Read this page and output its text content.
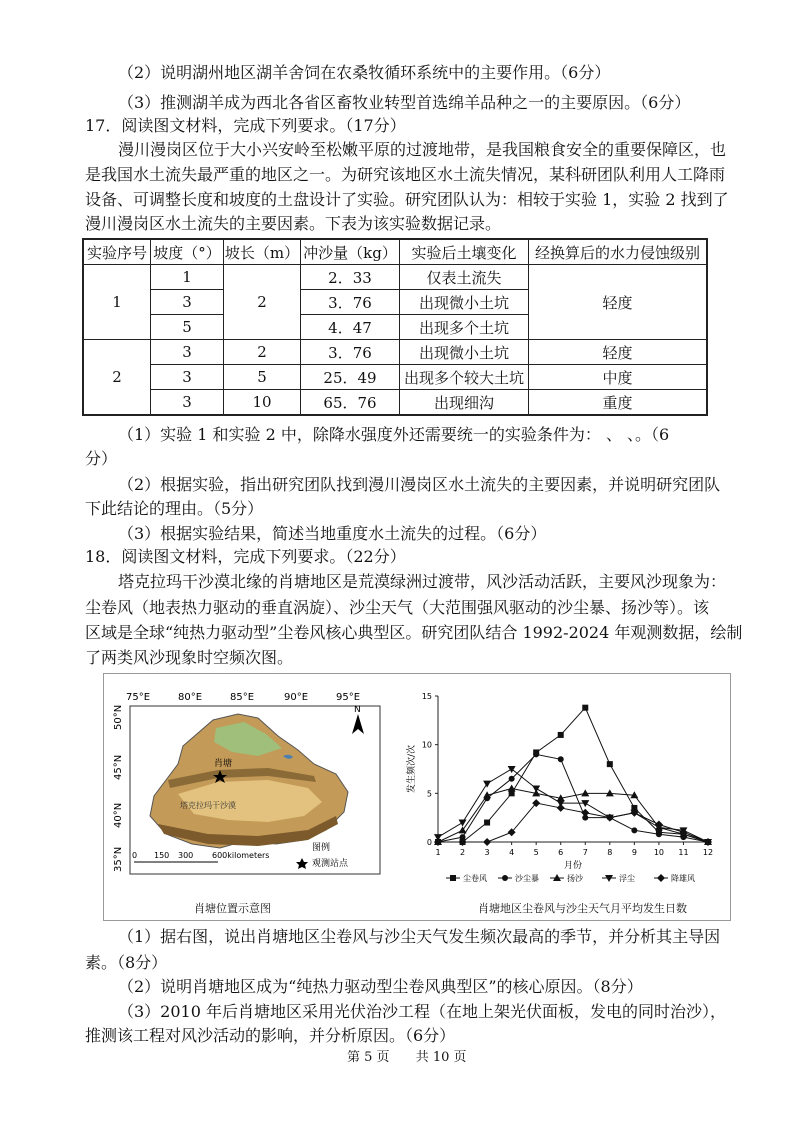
（2）说明湖州地区湖羊舍饲在农桑牧循环系统中的主要作用。（6分）
（3）推测湖羊成为西北各省区畜牧业转型首选绵羊品种之一的主要原因。（6分）
17．阅读图文材料，完成下列要求。（17分）
漫川漫岗区位于大小兴安岭至松嫩平原的过渡地带，是我国粮食安全的重要保障区，也
是我国水土流失最严重的地区之一。为研究该地区水土流失情况，某科研团队利用人工降雨
设备、可调整长度和坡度的土盘设计了实验。研究团队认为：相较于实验 1，实验 2 找到了
漫川漫岗区水土流失的主要因素。下表为该实验数据记录。
实验序号	坡度（°）	坡长（m）	冲沙量（kg）	实验后土壤变化	经换算后的水力侵蚀级别
1	1	2	2．33	仅表土流失	轻度
	3		3．76	出现微小土坑	
	5		4．47	出现多个土坑	
2	3	2	3．76	出现微小土坑	轻度
	3	5	25．49	出现多个较大土坑	中度
	3	10	65．76	出现细沟	重度
（1）实验 1 和实验 2 中，除降水强度外还需要统一的实验条件为： 、 、。（6
分）
（2）根据实验，指出研究团队找到漫川漫岗区水土流失的主要因素，并说明研究团队
下此结论的理由。（5分）
（3）根据实验结果，简述当地重度水土流失的过程。（6分）
18．阅读图文材料，完成下列要求。（22分）
塔克拉玛干沙漠北缘的肖塘地区是荒漠绿洲过渡带，风沙活动活跃，主要风沙现象为：
尘卷风（地表热力驱动的垂直涡旋）、沙尘天气（大范围强风驱动的沙尘暴、扬沙等）。该
区域是全球“纯热力驱动型”尘卷风核心典型区。研究团队结合 1992-2024 年观测数据，绘制
了两类风沙现象时空频次图。
N
75°E	80°E	85°E	90°E	95°E
50°N
45°N
40°N
35°N
肖塘
塔克拉玛干沙漠
0 150 300 600kilometers
图例
观测站点
肖塘位置示意图
0
5
10
15
1 2 3 4 5 6 7 8 9 10 11 12
月份
发生频次/次
尘卷风	沙尘暴	扬沙	浮尘	降雄风
肖塘地区尘卷风与沙尘天气月平均发生日数
（1）据右图，说出肖塘地区尘卷风与沙尘天气发生频次最高的季节，并分析其主导因
素。（8分）
（2）说明肖塘地区成为“纯热力驱动型尘卷风典型区”的核心原因。（8分）
（3）2010 年后肖塘地区采用光伏治沙工程（在地上架光伏面板，发电的同时治沙），
推测该工程对风沙活动的影响，并分析原因。（6分）
第 5 页 共 10 页
